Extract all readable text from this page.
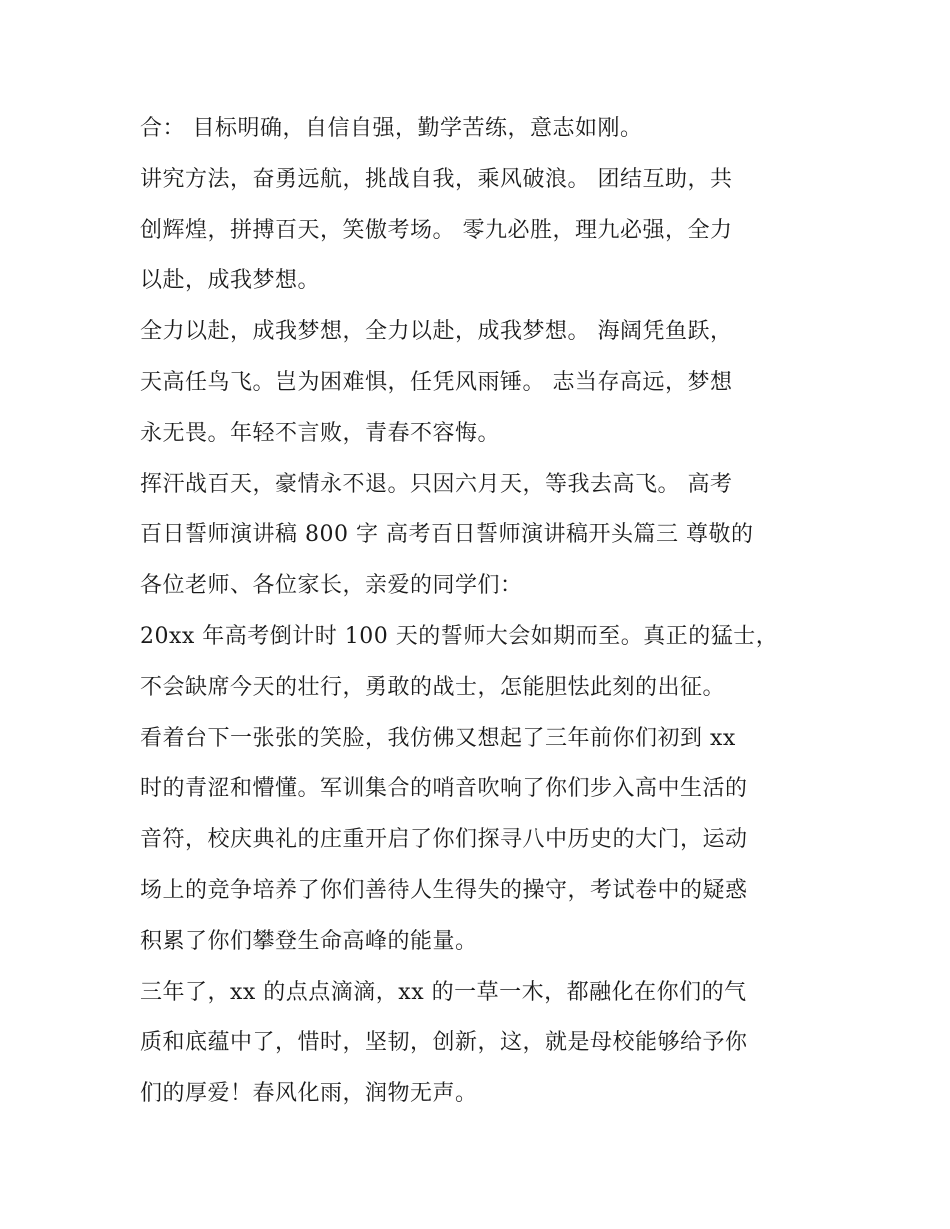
合： 目标明确，自信自强，勤学苦练，意志如刚。

讲究方法，奋勇远航，挑战自我，乘风破浪。 团结互助，共
创辉煌，拼搏百天，笑傲考场。 零九必胜，理九必强，全力
以赴，成我梦想。

全力以赴，成我梦想，全力以赴，成我梦想。 海阔凭鱼跃，
天高任鸟飞。岂为困难惧，任凭风雨锤。 志当存高远，梦想
永无畏。年轻不言败，青春不容悔。

挥汗战百天，豪情永不退。只因六月天，等我去高飞。 高考
百日誓师演讲稿 800 字 高考百日誓师演讲稿开头篇三 尊敬的
各位老师、各位家长，亲爱的同学们：

20xx 年高考倒计时 100 天的誓师大会如期而至。真正的猛士，
不会缺席今天的壮行，勇敢的战士，怎能胆怯此刻的出征。

看着台下一张张的笑脸，我仿佛又想起了三年前你们初到 xx
时的青涩和懵懂。军训集合的哨音吹响了你们步入高中生活的
音符，校庆典礼的庄重开启了你们探寻八中历史的大门，运动
场上的竞争培养了你们善待人生得失的操守，考试卷中的疑惑
积累了你们攀登生命高峰的能量。

三年了，xx 的点点滴滴，xx 的一草一木，都融化在你们的气
质和底蕴中了，惜时，坚韧，创新，这，就是母校能够给予你
们的厚爱！春风化雨，润物无声。
